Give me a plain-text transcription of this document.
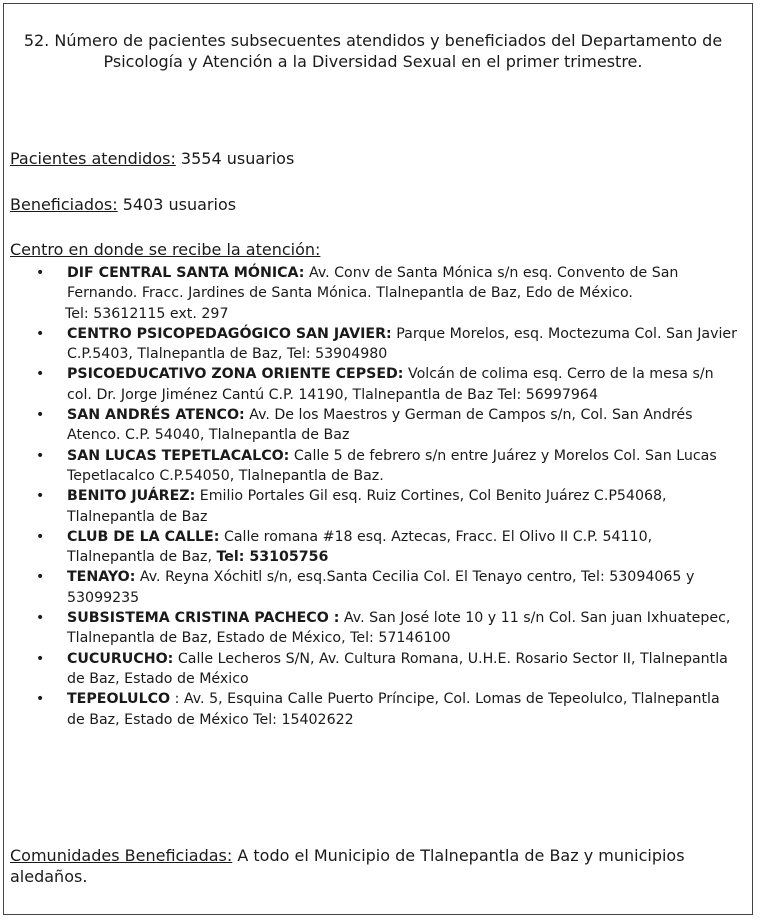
52. Número de pacientes subsecuentes atendidos y beneficiados del Departamento de Psicología y Atención a la Diversidad Sexual en el primer trimestre.
Pacientes atendidos: 3554 usuarios
Beneficiados: 5403 usuarios
Centro en donde se recibe la atención:
• DIF CENTRAL SANTA MÓNICA: Av. Conv de Santa Mónica s/n esq. Convento de San Fernando. Fracc. Jardines de Santa Mónica. Tlalnepantla de Baz, Edo de México.
Tel: 53612115 ext. 297
• CENTRO PSICOPEDAGÓGICO SAN JAVIER: Parque Morelos, esq. Moctezuma Col. San Javier C.P.5403, Tlalnepantla de Baz, Tel: 53904980
• PSICOEDUCATIVO ZONA ORIENTE CEPSED: Volcán de colima esq. Cerro de la mesa s/n col. Dr. Jorge Jiménez Cantú C.P. 14190, Tlalnepantla de Baz Tel: 56997964
• SAN ANDRÉS ATENCO: Av. De los Maestros y German de Campos s/n, Col. San Andrés Atenco. C.P. 54040, Tlalnepantla de Baz
• SAN LUCAS TEPETLACALCO: Calle 5 de febrero s/n entre Juárez y Morelos Col. San Lucas Tepetlacalco C.P.54050, Tlalnepantla de Baz.
• BENITO JUÁREZ: Emilio Portales Gil esq. Ruiz Cortines, Col Benito Juárez C.P54068, Tlalnepantla de Baz
• CLUB DE LA CALLE: Calle romana #18 esq. Aztecas, Fracc. El Olivo II C.P. 54110, Tlalnepantla de Baz, Tel: 53105756
• TENAYO: Av. Reyna Xóchitl s/n, esq.Santa Cecilia Col. El Tenayo centro, Tel: 53094065 y 53099235
• SUBSISTEMA CRISTINA PACHECO : Av. San José lote 10 y 11 s/n Col. San juan Ixhuatepec, Tlalnepantla de Baz, Estado de México, Tel: 57146100
• CUCURUCHO: Calle Lecheros S/N, Av. Cultura Romana, U.H.E. Rosario Sector II, Tlalnepantla de Baz, Estado de México
• TEPEOLULCO : Av. 5, Esquina Calle Puerto Príncipe, Col. Lomas de Tepeolulco, Tlalnepantla de Baz, Estado de México Tel: 15402622
Comunidades Beneficiadas: A todo el Municipio de Tlalnepantla de Baz y municipios aledaños.
